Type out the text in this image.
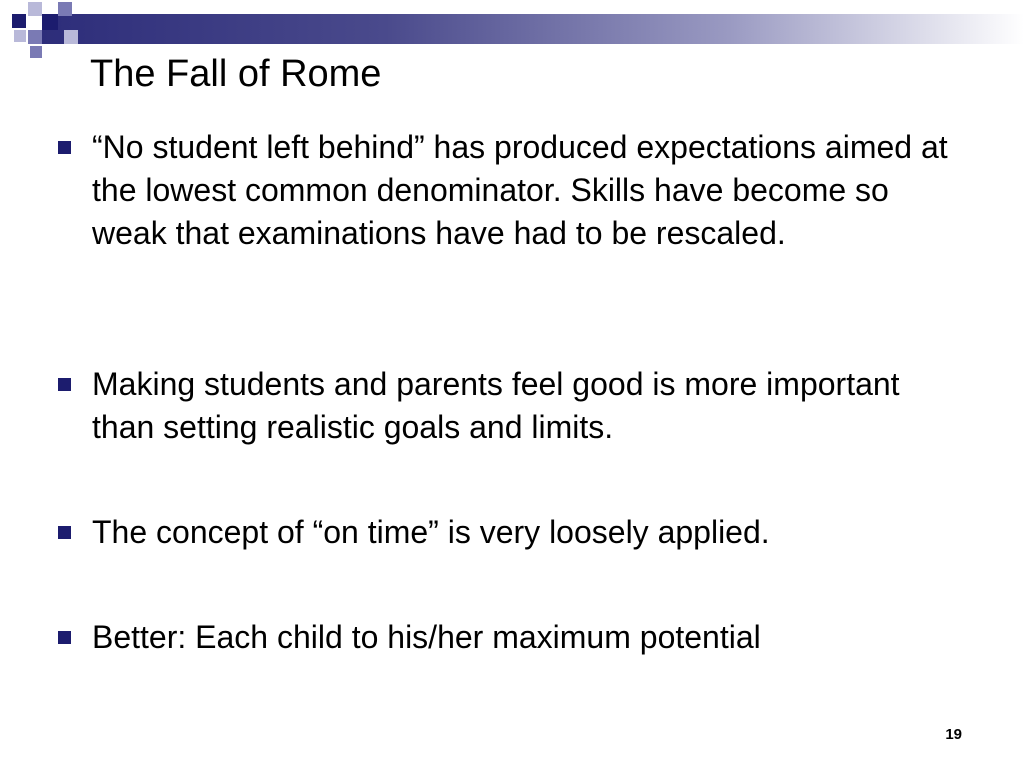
The Fall of Rome
“No student left behind” has produced expectations aimed at the lowest common denominator. Skills have become so weak that examinations have had to be rescaled.
Making students and parents feel good is more important than setting realistic goals and limits.
The concept of “on time” is very loosely applied.
Better: Each child to his/her maximum potential
19
